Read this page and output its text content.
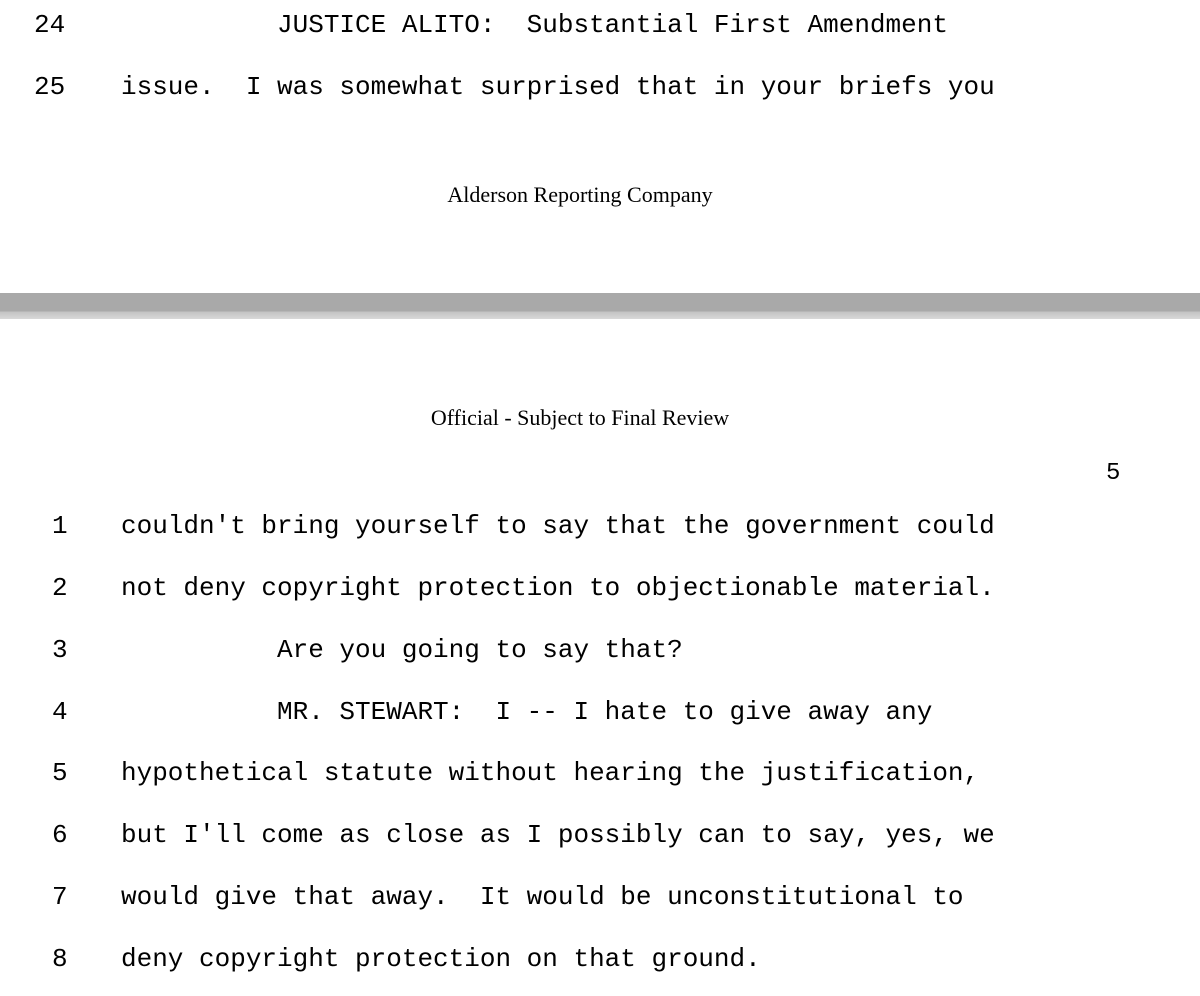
24 JUSTICE ALITO:  Substantial First Amendment
25 issue.  I was somewhat surprised that in your briefs you
Alderson Reporting Company
Official - Subject to Final Review
5
1 couldn't bring yourself to say that the government could
2 not deny copyright protection to objectionable material.
3 Are you going to say that?
4 MR. STEWART:  I -- I hate to give away any
5 hypothetical statute without hearing the justification,
6 but I'll come as close as I possibly can to say, yes, we
7 would give that away.  It would be unconstitutional to
8 deny copyright protection on that ground.
